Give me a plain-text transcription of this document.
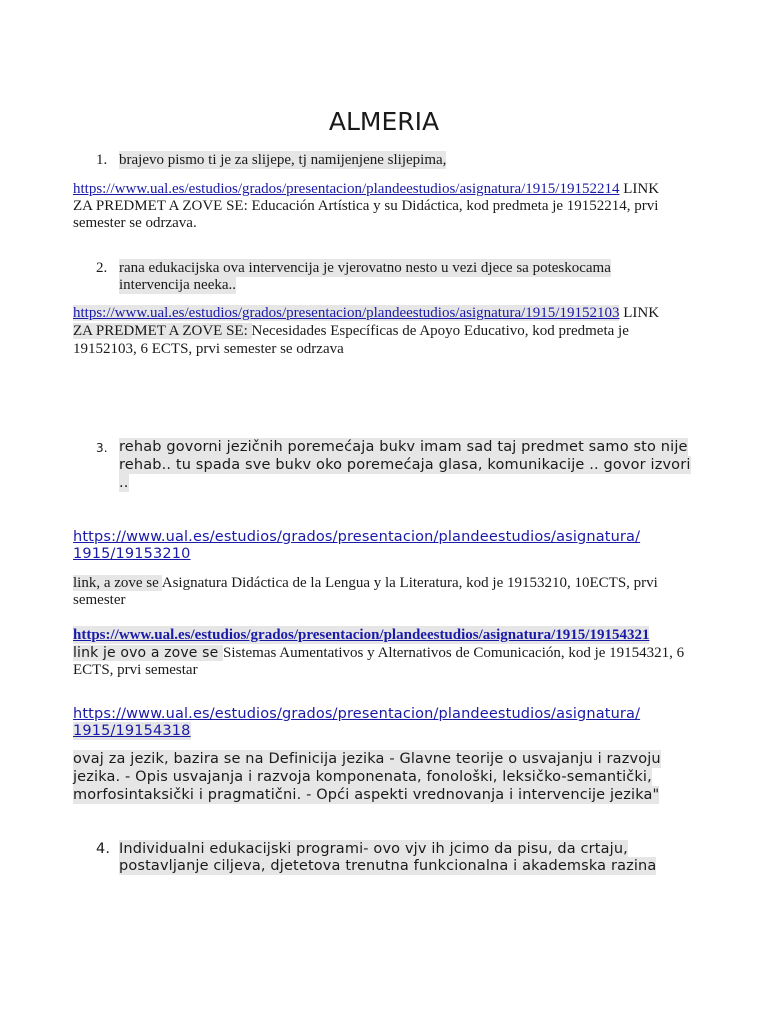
ALMERIA
1. brajevo pismo ti je za slijepe, tj namijenjene slijepima,
https://www.ual.es/estudios/grados/presentacion/plandeestudios/asignatura/1915/19152214 LINK
ZA PREDMET A ZOVE SE: Educación Artística y su Didáctica, kod predmeta je 19152214, prvi
semester se odrzava.
2. rana edukacijska ova intervencija je vjerovatno nesto u vezi djece sa poteskocama
intervencija neeka..
https://www.ual.es/estudios/grados/presentacion/plandeestudios/asignatura/1915/19152103 LINK
ZA PREDMET A ZOVE SE: Necesidades Específicas de Apoyo Educativo, kod predmeta je
19152103, 6 ECTS, prvi semester se odrzava
3. rehab govorni jezičnih poremećaja bukv imam sad taj predmet samo sto nije
rehab.. tu spada sve bukv oko poremećaja glasa, komunikacije .. govor izvori
..
https://www.ual.es/estudios/grados/presentacion/plandeestudios/asignatura/
1915/19153210
link, a zove se Asignatura Didáctica de la Lengua y la Literatura, kod je 19153210, 10ECTS, prvi
semester
https://www.ual.es/estudios/grados/presentacion/plandeestudios/asignatura/1915/19154321
link je ovo a zove se Sistemas Aumentativos y Alternativos de Comunicación, kod je 19154321, 6
ECTS, prvi semestar
https://www.ual.es/estudios/grados/presentacion/plandeestudios/asignatura/
1915/19154318
ovaj za jezik, bazira se na Definicija jezika - Glavne teorije o usvajanju i razvoju
jezika. - Opis usvajanja i razvoja komponenata, fonološki, leksičko-semantički,
morfosintaksički i pragmatični. - Opći aspekti vrednovanja i intervencije jezika"
4. Individualni edukacijski programi- ovo vjv ih jcimo da pisu, da crtaju,
postavljanje ciljeva, djetetova trenutna funkcionalna i akademska razina
